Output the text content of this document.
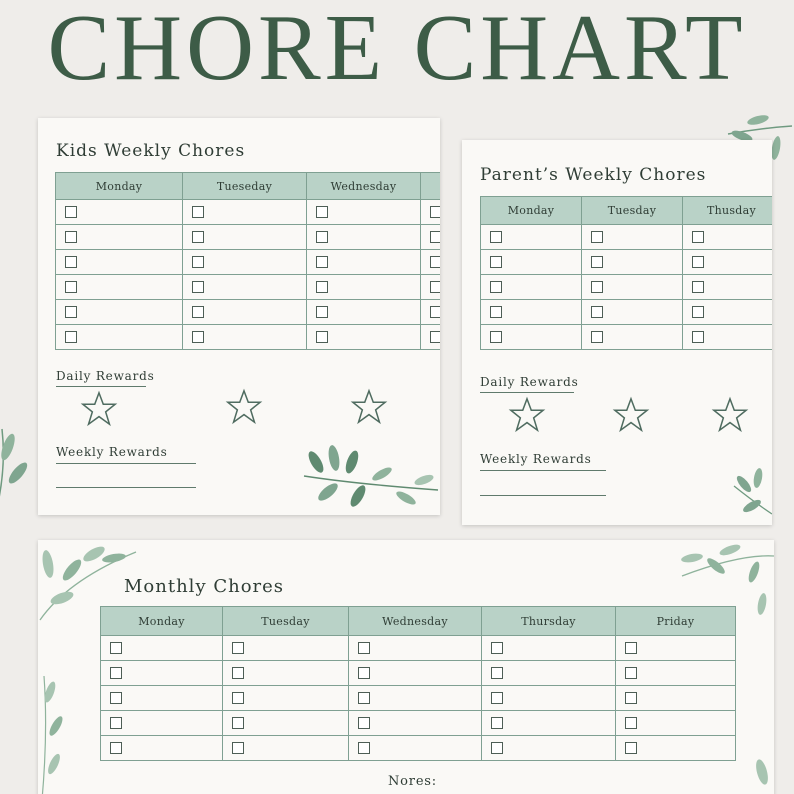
CHORE CHART
Kids Weekly Chores
Monday	Tueseday	Wednesday	

Daily Rewards
Weekly Rewards
Parent’s Weekly Chores
Monday	Tuesday	Thusday

Daily Rewards
Weekly Rewards
Monthly Chores
Monday	Tuesday	Wednesday	Thursday	Priday

Nores:
